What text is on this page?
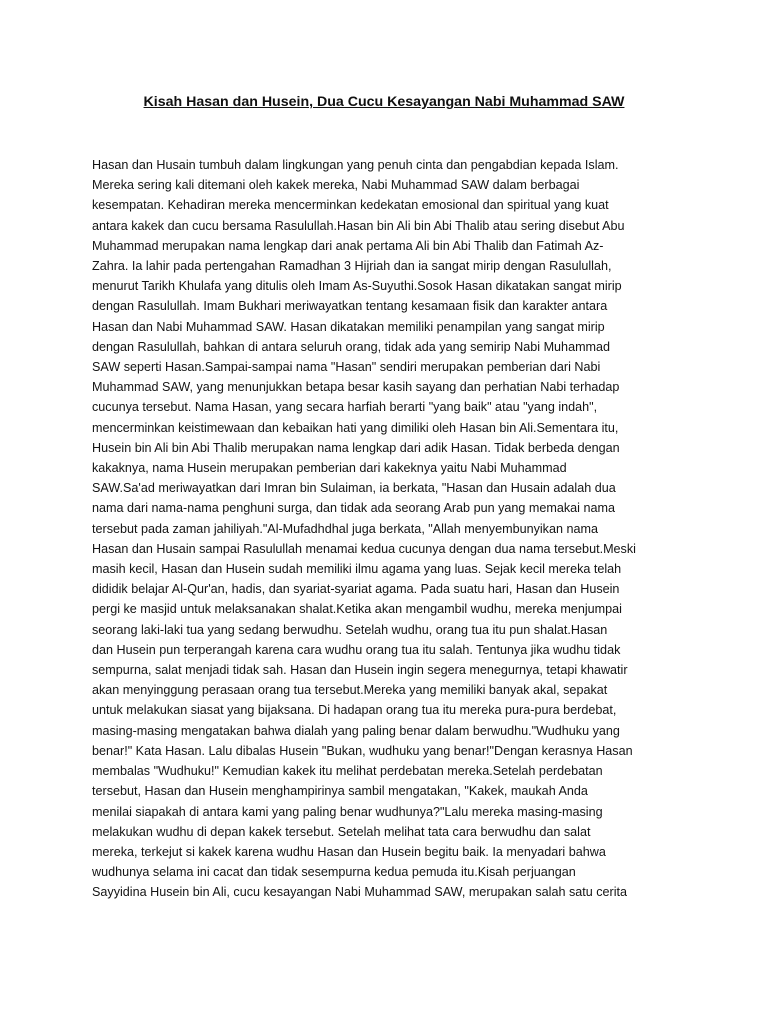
Kisah Hasan dan Husein, Dua Cucu Kesayangan Nabi Muhammad SAW
Hasan dan Husain tumbuh dalam lingkungan yang penuh cinta dan pengabdian kepada Islam.
Mereka sering kali ditemani oleh kakek mereka, Nabi Muhammad SAW dalam berbagai
kesempatan. Kehadiran mereka mencerminkan kedekatan emosional dan spiritual yang kuat
antara kakek dan cucu bersama Rasulullah.Hasan bin Ali bin Abi Thalib atau sering disebut Abu
Muhammad merupakan nama lengkap dari anak pertama Ali bin Abi Thalib dan Fatimah Az-
Zahra. Ia lahir pada pertengahan Ramadhan 3 Hijriah dan ia sangat mirip dengan Rasulullah,
menurut Tarikh Khulafa yang ditulis oleh Imam As-Suyuthi.Sosok Hasan dikatakan sangat mirip
dengan Rasulullah. Imam Bukhari meriwayatkan tentang kesamaan fisik dan karakter antara
Hasan dan Nabi Muhammad SAW. Hasan dikatakan memiliki penampilan yang sangat mirip
dengan Rasulullah, bahkan di antara seluruh orang, tidak ada yang semirip Nabi Muhammad
SAW seperti Hasan.Sampai-sampai nama "Hasan" sendiri merupakan pemberian dari Nabi
Muhammad SAW, yang menunjukkan betapa besar kasih sayang dan perhatian Nabi terhadap
cucunya tersebut. Nama Hasan, yang secara harfiah berarti "yang baik" atau "yang indah",
mencerminkan keistimewaan dan kebaikan hati yang dimiliki oleh Hasan bin Ali.Sementara itu,
Husein bin Ali bin Abi Thalib merupakan nama lengkap dari adik Hasan. Tidak berbeda dengan
kakaknya, nama Husein merupakan pemberian dari kakeknya yaitu Nabi Muhammad
SAW.Sa'ad meriwayatkan dari Imran bin Sulaiman, ia berkata, "Hasan dan Husain adalah dua
nama dari nama-nama penghuni surga, dan tidak ada seorang Arab pun yang memakai nama
tersebut pada zaman jahiliyah."Al-Mufadhdhal juga berkata, "Allah menyembunyikan nama
Hasan dan Husain sampai Rasulullah menamai kedua cucunya dengan dua nama tersebut.Meski
masih kecil, Hasan dan Husein sudah memiliki ilmu agama yang luas. Sejak kecil mereka telah
dididik belajar Al-Qur'an, hadis, dan syariat-syariat agama. Pada suatu hari, Hasan dan Husein
pergi ke masjid untuk melaksanakan shalat.Ketika akan mengambil wudhu, mereka menjumpai
seorang laki-laki tua yang sedang berwudhu. Setelah wudhu, orang tua itu pun shalat.Hasan
dan Husein pun terperangah karena cara wudhu orang tua itu salah. Tentunya jika wudhu tidak
sempurna, salat menjadi tidak sah. Hasan dan Husein ingin segera menegurnya, tetapi khawatir
akan menyinggung perasaan orang tua tersebut.Mereka yang memiliki banyak akal, sepakat
untuk melakukan siasat yang bijaksana. Di hadapan orang tua itu mereka pura-pura berdebat,
masing-masing mengatakan bahwa dialah yang paling benar dalam berwudhu."Wudhuku yang
benar!" Kata Hasan. Lalu dibalas Husein "Bukan, wudhuku yang benar!"Dengan kerasnya Hasan
membalas "Wudhuku!" Kemudian kakek itu melihat perdebatan mereka.Setelah perdebatan
tersebut, Hasan dan Husein menghampirinya sambil mengatakan, "Kakek, maukah Anda
menilai siapakah di antara kami yang paling benar wudhunya?"Lalu mereka masing-masing
melakukan wudhu di depan kakek tersebut. Setelah melihat tata cara berwudhu dan salat
mereka, terkejut si kakek karena wudhu Hasan dan Husein begitu baik. Ia menyadari bahwa
wudhunya selama ini cacat dan tidak sesempurna kedua pemuda itu.Kisah perjuangan
Sayyidina Husein bin Ali, cucu kesayangan Nabi Muhammad SAW, merupakan salah satu cerita
